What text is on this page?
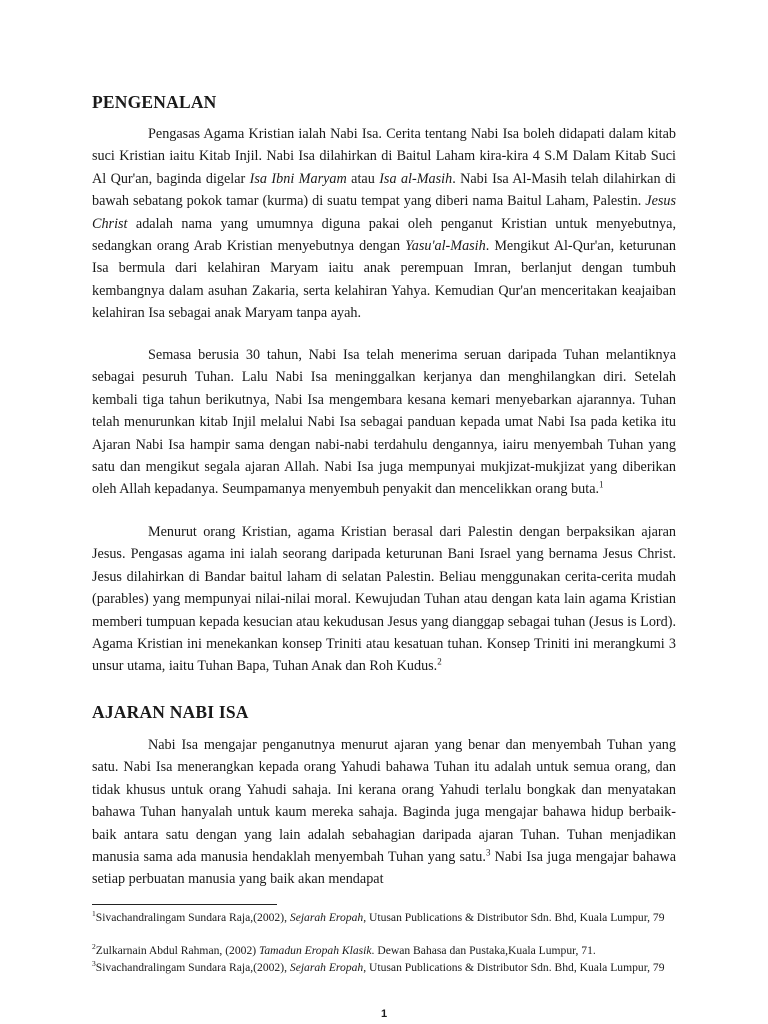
PENGENALAN

Pengasas Agama Kristian ialah Nabi Isa. Cerita tentang Nabi Isa boleh didapati dalam kitab suci Kristian iaitu Kitab Injil. Nabi Isa dilahirkan di Baitul Laham kira-kira 4 S.M Dalam Kitab Suci Al Qur'an, baginda digelar Isa Ibni Maryam atau Isa al-Masih. Nabi Isa Al-Masih telah dilahirkan di bawah sebatang pokok tamar (kurma) di suatu tempat yang diberi nama Baitul Laham, Palestin. Jesus Christ adalah nama yang umumnya diguna pakai oleh penganut Kristian untuk menyebutnya, sedangkan orang Arab Kristian menyebutnya dengan Yasu'al-Masih. Mengikut Al-Qur'an, keturunan Isa bermula dari kelahiran Maryam iaitu anak perempuan Imran, berlanjut dengan tumbuh kembangnya dalam asuhan Zakaria, serta kelahiran Yahya. Kemudian Qur'an menceritakan keajaiban kelahiran Isa sebagai anak Maryam tanpa ayah.

Semasa berusia 30 tahun, Nabi Isa telah menerima seruan daripada Tuhan melantiknya sebagai pesuruh Tuhan. Lalu Nabi Isa meninggalkan kerjanya dan menghilangkan diri. Setelah kembali tiga tahun berikutnya, Nabi Isa mengembara kesana kemari menyebarkan ajarannya. Tuhan telah menurunkan kitab Injil melalui Nabi Isa sebagai panduan kepada umat Nabi Isa pada ketika itu Ajaran Nabi Isa hampir sama dengan nabi-nabi terdahulu dengannya, iairu menyembah Tuhan yang satu dan mengikut segala ajaran Allah. Nabi Isa juga mempunyai mukjizat-mukjizat yang diberikan oleh Allah kepadanya. Seumpamanya menyembuh penyakit dan mencelikkan orang buta.$^1$

Menurut orang Kristian, agama Kristian berasal dari Palestin dengan berpaksikan ajaran Jesus. Pengasas agama ini ialah seorang daripada keturunan Bani Israel yang bernama Jesus Christ. Jesus dilahirkan di Bandar baitul laham di selatan Palestin. Beliau menggunakan cerita-cerita mudah (parables) yang mempunyai nilai-nilai moral. Kewujudan Tuhan atau dengan kata lain agama Kristian memberi tumpuan kepada kesucian atau kekudusan Jesus yang dianggap sebagai tuhan (Jesus is Lord). Agama Kristian ini menekankan konsep Triniti atau kesatuan tuhan. Konsep Triniti ini merangkumi 3 unsur utama, iaitu Tuhan Bapa, Tuhan Anak dan Roh Kudus.$^2$

AJARAN NABI ISA

Nabi Isa mengajar penganutnya menurut ajaran yang benar dan menyembah Tuhan yang satu. Nabi Isa menerangkan kepada orang Yahudi bahawa Tuhan itu adalah untuk semua orang, dan tidak khusus untuk orang Yahudi sahaja. Ini kerana orang Yahudi terlalu bongkak dan menyatakan bahawa Tuhan hanyalah untuk kaum mereka sahaja. Baginda juga mengajar bahawa hidup berbaik-baik antara satu dengan yang lain adalah sebahagian daripada ajaran Tuhan. Tuhan menjadikan manusia sama ada manusia hendaklah menyembah Tuhan yang satu.$^3$ Nabi Isa juga mengajar bahawa setiap perbuatan manusia yang baik akan mendapat

$^1$Sivachandralingam Sundara Raja,(2002), Sejarah Eropah, Utusan Publications & Distributor Sdn. Bhd, Kuala Lumpur, 79

$^2$Zulkarnain Abdul Rahman, (2002) Tamadun Eropah Klasik. Dewan Bahasa dan Pustaka,Kuala Lumpur, 71.

$^3$Sivachandralingam Sundara Raja,(2002), Sejarah Eropah, Utusan Publications & Distributor Sdn. Bhd, Kuala Lumpur, 79

1
